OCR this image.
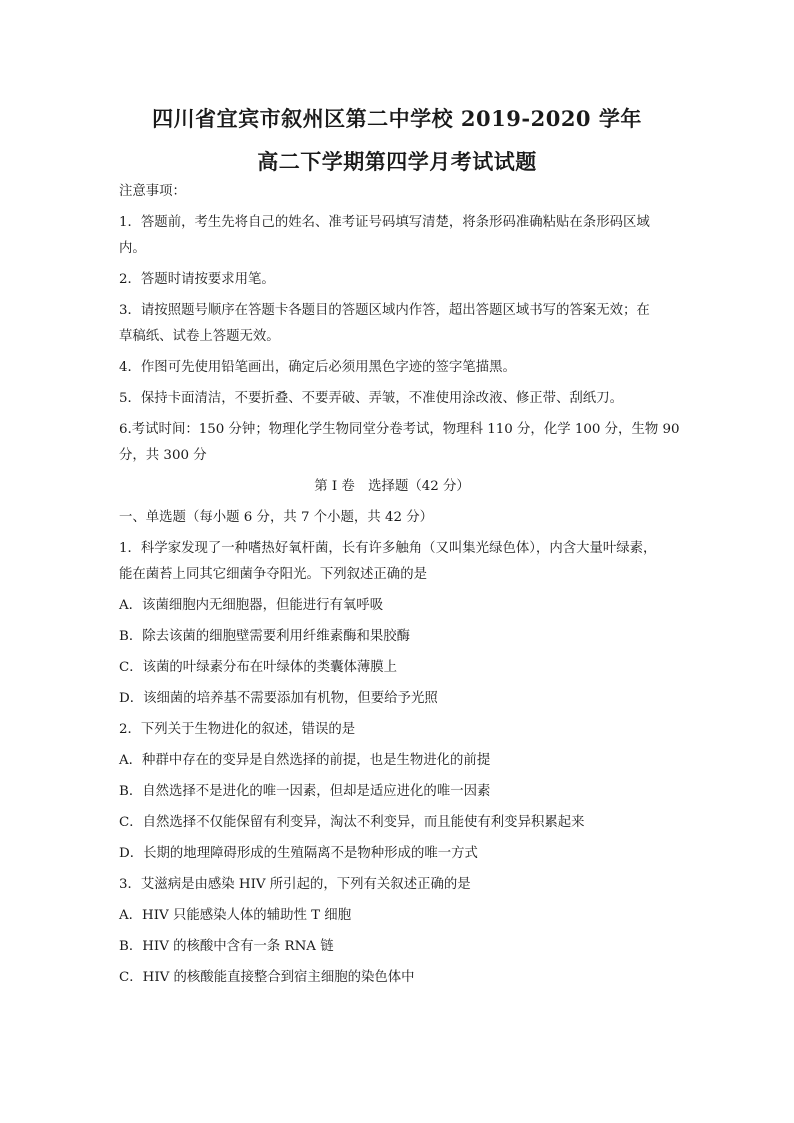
四川省宜宾市叙州区第二中学校 2019-2020 学年
高二下学期第四学月考试试题
注意事项：
1．答题前，考生先将自己的姓名、准考证号码填写清楚，将条形码准确粘贴在条形码区域
内。
2．答题时请按要求用笔。
3．请按照题号顺序在答题卡各题目的答题区域内作答，超出答题区域书写的答案无效；在
草稿纸、试卷上答题无效。
4．作图可先使用铅笔画出，确定后必须用黑色字迹的签字笔描黑。
5．保持卡面清洁，不要折叠、不要弄破、弄皱，不准使用涂改液、修正带、刮纸刀。
6.考试时间：150 分钟；物理化学生物同堂分卷考试，物理科 110 分，化学 100 分，生物 90
分，共 300 分
第 I 卷　选择题（42 分）
一、单选题（每小题 6 分，共 7 个小题，共 42 分）
1．科学家发现了一种嗜热好氧杆菌，长有许多触角（又叫集光绿色体），内含大量叶绿素，
能在菌苔上同其它细菌争夺阳光。下列叙述正确的是
A．该菌细胞内无细胞器，但能进行有氧呼吸
B．除去该菌的细胞壁需要利用纤维素酶和果胶酶
C．该菌的叶绿素分布在叶绿体的类囊体薄膜上
D．该细菌的培养基不需要添加有机物，但要给予光照
2．下列关于生物进化的叙述，错误的是
A．种群中存在的变异是自然选择的前提，也是生物进化的前提
B．自然选择不是进化的唯一因素，但却是适应进化的唯一因素
C．自然选择不仅能保留有利变异，淘汰不利变异，而且能使有利变异积累起来
D．长期的地理障碍形成的生殖隔离不是物种形成的唯一方式
3．艾滋病是由感染 HIV 所引起的，下列有关叙述正确的是
A．HIV 只能感染人体的辅助性 T 细胞
B．HIV 的核酸中含有一条 RNA 链
C．HIV 的核酸能直接整合到宿主细胞的染色体中
